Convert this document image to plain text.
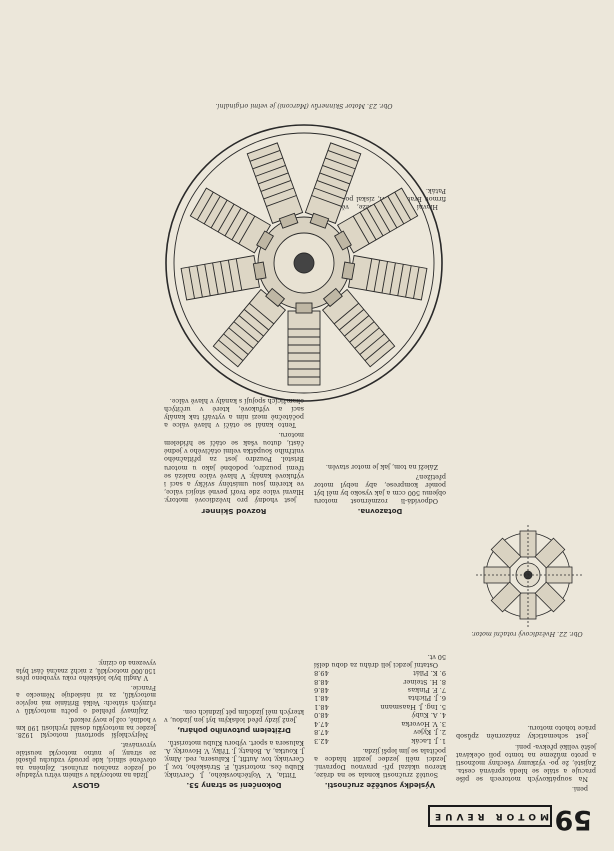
59
MOTOR REVUE

peni.

Na soupátkových motorech se píše pracuje a stále se hledá správná cesta. Zajisté, že po- výzkumy všechny možnosti a proto můžeme na tomto poli očekávat ještě veliké překva- pení.

Jest schematicky znázorněn způsob práce tohoto motoru.

Obr. 22. Hvězdicový rotační motor.
Výsledky soutěže zručnosti.

Soutěž zručnosti konala se na dráze, kterou ukázal pří- pravnou Dopravní. Jezdci měli jezdec jezdit hladce a počítala se jim lepší jízda.

1. J. Lacák	42.3
2. J. Kyjev	47.8
3. V. Hovorka	47.4
4. A. Kubý	48.0
5. Ing. J. Haasmann	48.1
6. J. Plichta	48.1
7. F. Pinkas	48.6
8. H. Steiner	48.8
9. K. Pilát	49.8

Ostatní jezdci jeli dráhu za dobu delší 50 vt.

Dotazovna.

Odpovídá-li rozměrnost motoru objemu 500 ccm a jak vysoko by měl být poměr komprese, aby nebyl motor přetížen?

Záleží na tom, jak je motor stavěn.

Hlavní trofej soutěže, věnovanou firmou Bratři Bulovi, získal po druhé A. Paták.

Dokončení se strany 53.

Tittla, V. Vojtěchovského, J. Červinky, Klubu čes. motoristů, F. Stráského, tov. J. Červinky, tov. Autfit, J. Kalusera, red. Almy, J. Koutka, A. Bohaty, J. Tříky, V. Hovorky, A. Kalusera a sport. výboru Klubu motoristů.

Držitelem putovního poháru,

Jenž jízdy před loňským byl jen jízdou, v kterých měl jízdcům pět jízdních cen.

Rozvod Skinner

jest vhodný pro hvězdicové motory. Hlavní válce zde tvoří pevně stojící válce, ve kterém jsou umístěny svíčky a sací i výfukové kanály. V hlavě válce nalézá se třemi pouzdro, podobné jako u motoru Bristol. Pouzdro jest za přítlačného vnitřního šoupátka velmi otáčivého v jedné části, dutou však se otáčí se hřídelem motoru.

Tento kanál se otáčí v hlavě válce a počátečně mezi ním a vytváří tak kanály sací a výfukové, které v určitých okamžicích spojují s kanály v hlavě válce.

GLOSY

Jízda na motocyklu v silném větru vyžaduje od jezdce značnou zručnost. Zejména na otevřené silnici, kde proudy vzduchu působí ze strany, je nutno motocykl neustále vyrovnávat.

Nejrychlejší sportovní motocykl 1928. Jezdec na motocyklu dosáhl rychlosti 190 km v hodině, což je nový rekord.

Zajímavý přehled o počtu motocyklů v různých státech: Velká Británie má nejvíce motocyklů, za ní následuje Německo a Francie.

V Anglii bylo loňského roku vyrobeno přes 150.000 motocyklů, z nichž značná část byla vyvezena do ciziny.

Obr. 23. Motor Skinnerův (Marconi) je velmi originální.
